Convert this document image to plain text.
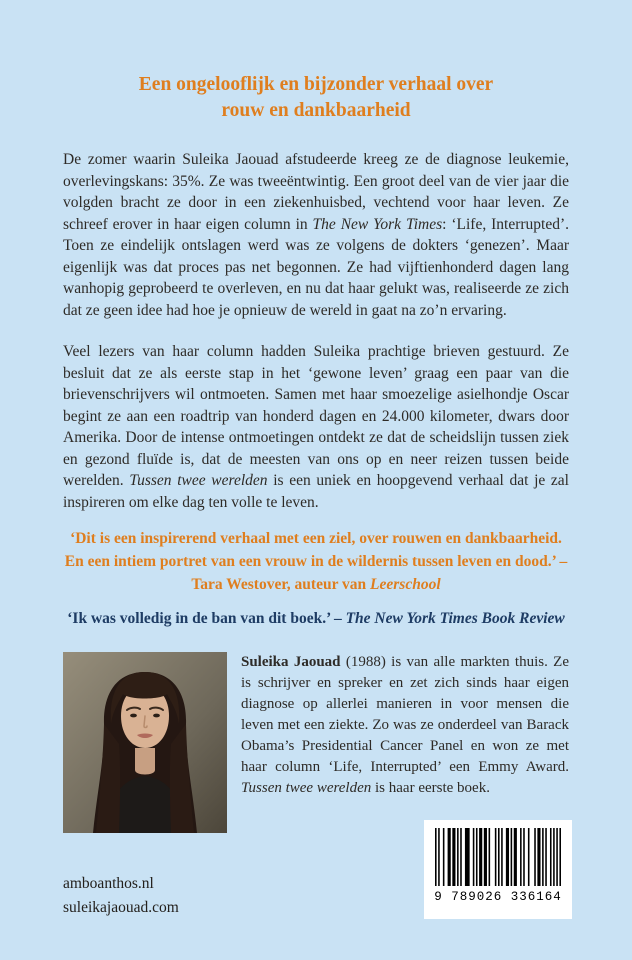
Een ongelooflijk en bijzonder verhaal over
rouw en dankbaarheid

De zomer waarin Suleika Jaouad afstudeerde kreeg ze de diagnose leukemie, overlevingskans: 35%. Ze was tweeëntwintig. Een groot deel van de vier jaar die volgden bracht ze door in een ziekenhuisbed, vechtend voor haar leven. Ze schreef erover in haar eigen column in The New York Times: ‘Life, Interrupted’. Toen ze eindelijk ontslagen werd was ze volgens de dokters ‘genezen’. Maar eigenlijk was dat proces pas net begonnen. Ze had vijftienhonderd dagen lang wanhopig geprobeerd te overleven, en nu dat haar gelukt was, realiseerde ze zich dat ze geen idee had hoe je opnieuw de wereld in gaat na zo’n ervaring.

Veel lezers van haar column hadden Suleika prachtige brieven gestuurd. Ze besluit dat ze als eerste stap in het ‘gewone leven’ graag een paar van die brievenschrijvers wil ontmoeten. Samen met haar smoezelige asielhondje Oscar begint ze aan een roadtrip van honderd dagen en 24.000 kilometer, dwars door Amerika. Door de intense ontmoetingen ontdekt ze dat de scheidslijn tussen ziek en gezond fluïde is, dat de meesten van ons op en neer reizen tussen beide werelden. Tussen twee werelden is een uniek en hoopgevend verhaal dat je zal inspireren om elke dag ten volle te leven.

‘Dit is een inspirerend verhaal met een ziel, over rouwen en dankbaarheid. En een intiem portret van een vrouw in de wildernis tussen leven en dood.’ – Tara Westover, auteur van Leerschool

‘Ik was volledig in de ban van dit boek.’ – The New York Times Book Review

Suleika Jaouad (1988) is van alle markten thuis. Ze is schrijver en spreker en zet zich sinds haar eigen diagnose op allerlei manieren in voor mensen die leven met een ziekte. Zo was ze onderdeel van Barack Obama’s Presidential Cancer Panel en won ze met haar column ‘Life, Interrupted’ een Emmy Award. Tussen twee werelden is haar eerste boek.

amboanthos.nl
suleikajaouad.com
9 789026 336164
